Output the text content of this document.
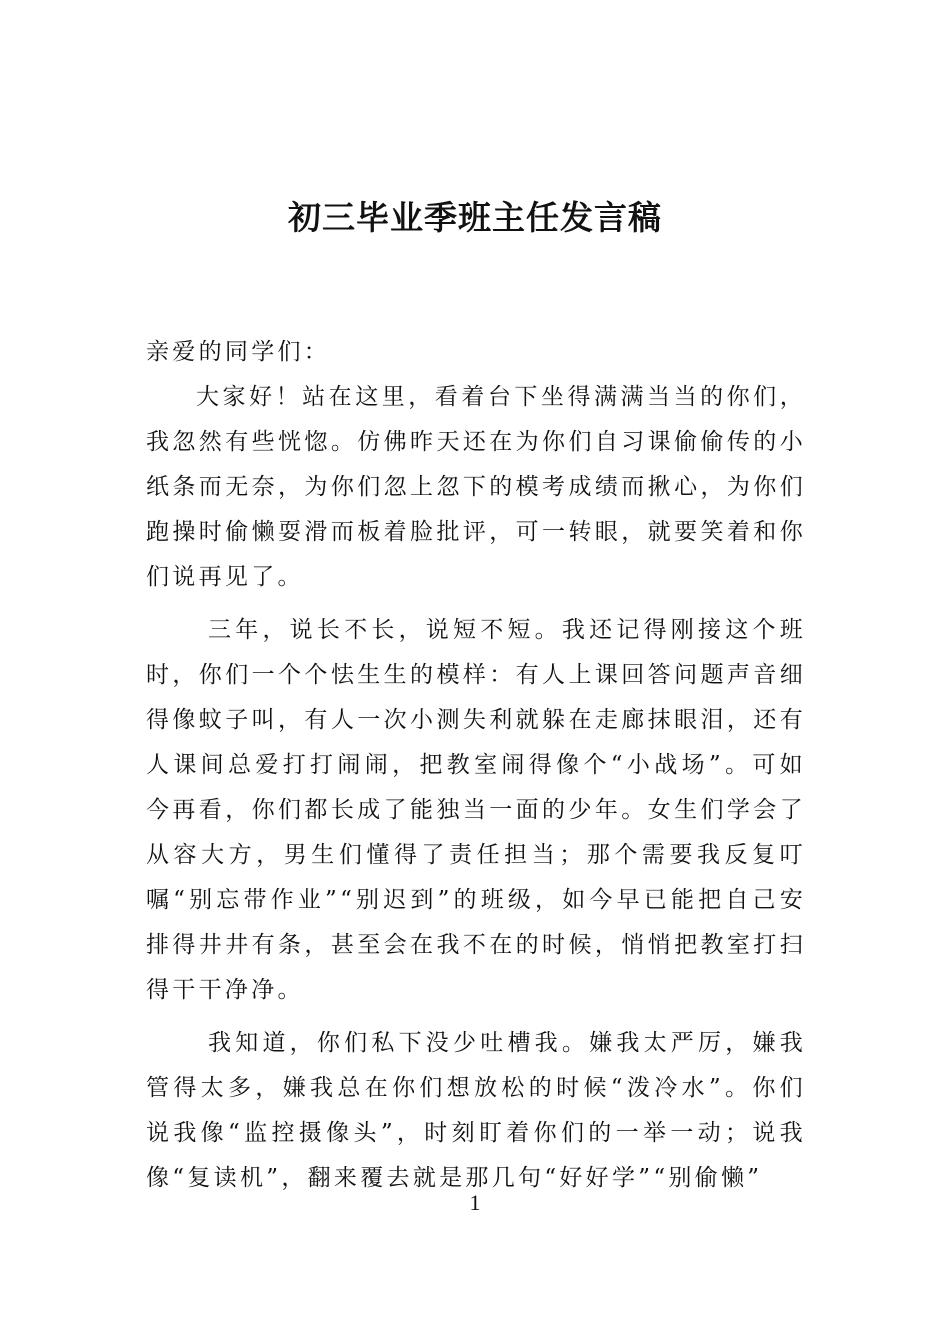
初三毕业季班主任发言稿

亲爱的同学们：

大家好！站在这里，看着台下坐得满满当当的你们，我忽然有些恍惚。仿佛昨天还在为你们自习课偷偷传的小纸条而无奈，为你们忽上忽下的模考成绩而揪心，为你们跑操时偷懒耍滑而板着脸批评，可一转眼，就要笑着和你们说再见了。

三年，说长不长，说短不短。我还记得刚接这个班时，你们一个个怯生生的模样：有人上课回答问题声音细得像蚊子叫，有人一次小测失利就躲在走廊抹眼泪，还有人课间总爱打打闹闹，把教室闹得像个“小战场”。可如今再看，你们都长成了能独当一面的少年。女生们学会了从容大方，男生们懂得了责任担当；那个需要我反复叮嘱“别忘带作业”“别迟到”的班级，如今早已能把自己安排得井井有条，甚至会在我不在的时候，悄悄把教室打扫得干干净净。

我知道，你们私下没少吐槽我。嫌我太严厉，嫌我管得太多，嫌我总在你们想放松的时候“泼冷水”。你们说我像“监控摄像头”，时刻盯着你们的一举一动；说我像“复读机”，翻来覆去就是那几句“好好学”“别偷懒”

1
